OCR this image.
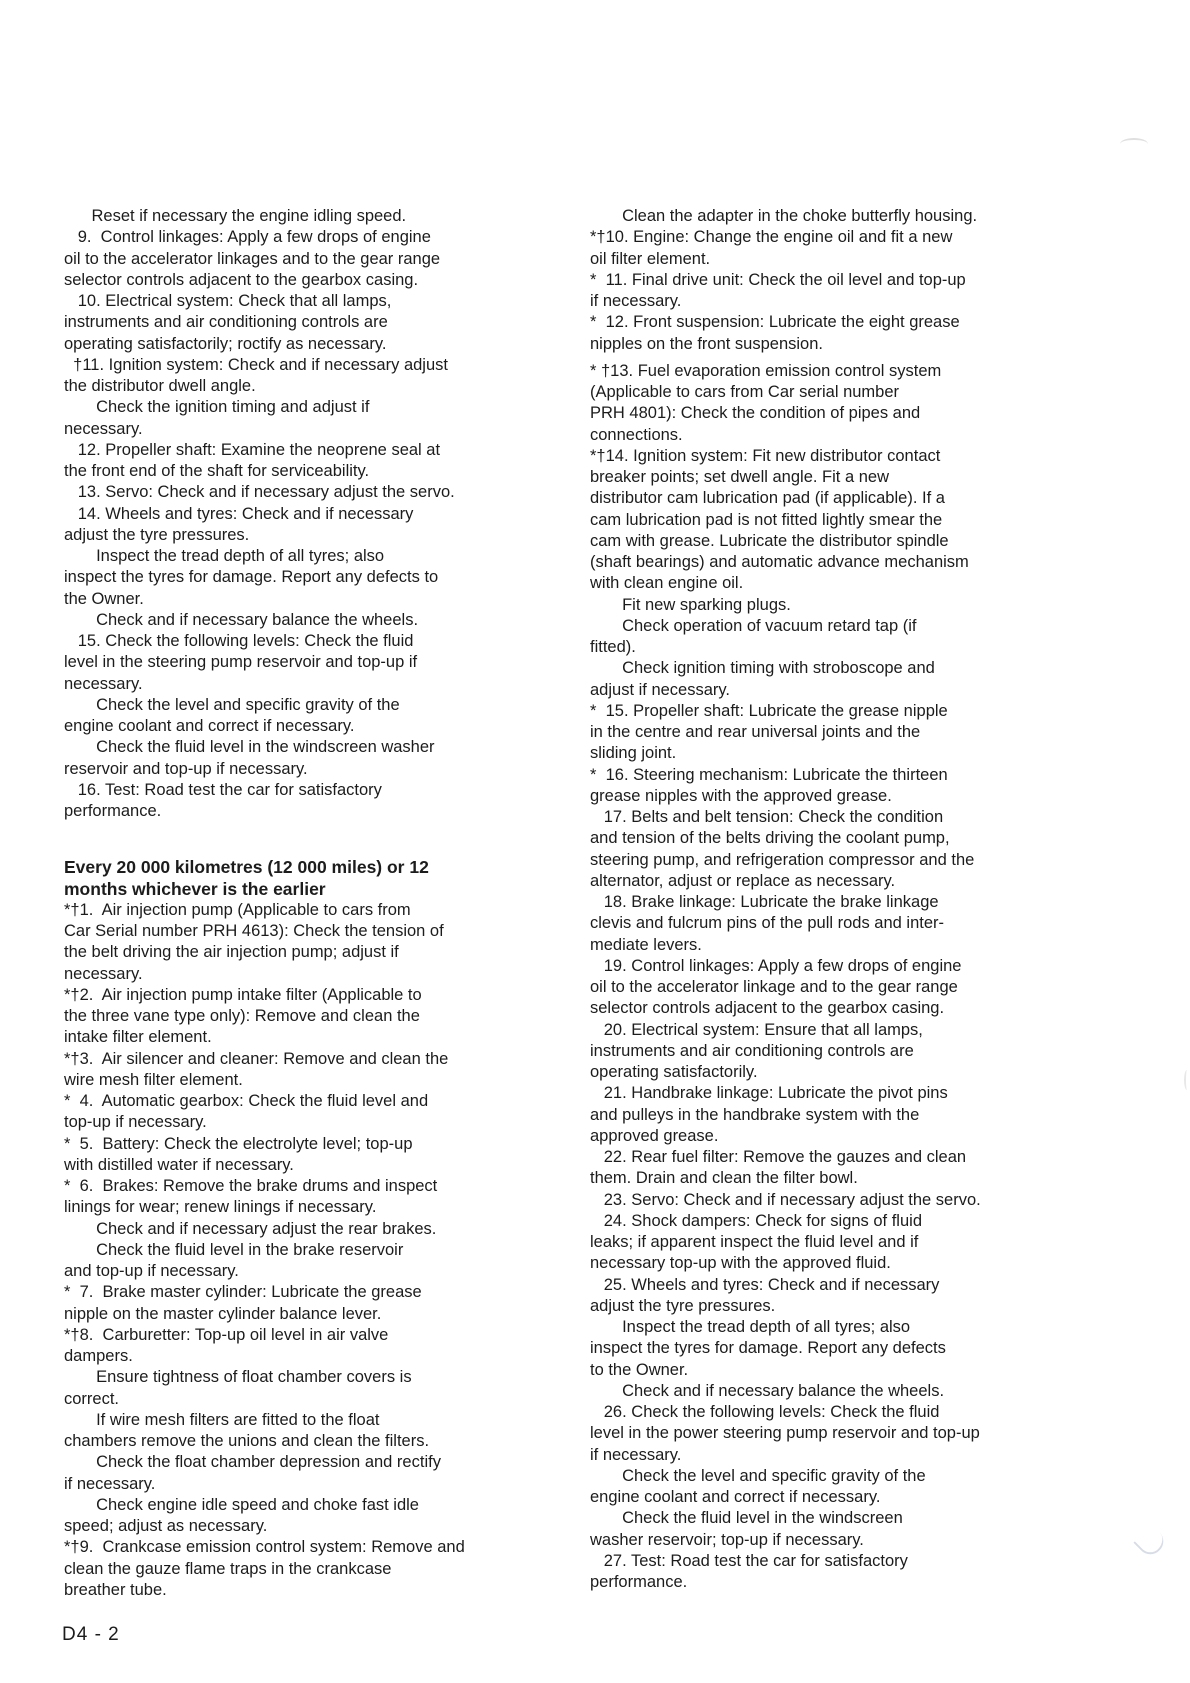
Reset if necessary the engine idling speed.
9.  Control linkages: Apply a few drops of engine
oil to the accelerator linkages and to the gear range
selector controls adjacent to the gearbox casing.
10. Electrical system: Check that all lamps,
instruments and air conditioning controls are
operating satisfactorily; roctify as necessary.
†11. Ignition system: Check and if necessary adjust
the distributor dwell angle.
Check the ignition timing and adjust if
necessary.
12. Propeller shaft: Examine the neoprene seal at
the front end of the shaft for serviceability.
13. Servo: Check and if necessary adjust the servo.
14. Wheels and tyres: Check and if necessary
adjust the tyre pressures.
Inspect the tread depth of all tyres; also
inspect the tyres for damage. Report any defects to
the Owner.
Check and if necessary balance the wheels.
15. Check the following levels: Check the fluid
level in the steering pump reservoir and top-up if
necessary.
Check the level and specific gravity of the
engine coolant and correct if necessary.
Check the fluid level in the windscreen washer
reservoir and top-up if necessary.
16. Test: Road test the car for satisfactory
performance.
Every 20 000 kilometres (12 000 miles) or 12
months whichever is the earlier
*†1.  Air injection pump (Applicable to cars from
Car Serial number PRH 4613): Check the tension of
the belt driving the air injection pump; adjust if
necessary.
*†2.  Air injection pump intake filter (Applicable to
the three vane type only): Remove and clean the
intake filter element.
*†3.  Air silencer and cleaner: Remove and clean the
wire mesh filter element.
*  4.  Automatic gearbox: Check the fluid level and
top-up if necessary.
*  5.  Battery: Check the electrolyte level; top-up
with distilled water if necessary.
*  6.  Brakes: Remove the brake drums and inspect
linings for wear; renew linings if necessary.
Check and if necessary adjust the rear brakes.
Check the fluid level in the brake reservoir
and top-up if necessary.
*  7.  Brake master cylinder: Lubricate the grease
nipple on the master cylinder balance lever.
*†8.  Carburetter: Top-up oil level in air valve
dampers.
Ensure tightness of float chamber covers is
correct.
If wire mesh filters are fitted to the float
chambers remove the unions and clean the filters.
Check the float chamber depression and rectify
if necessary.
Check engine idle speed and choke fast idle
speed; adjust as necessary.
*†9.  Crankcase emission control system: Remove and
clean the gauze flame traps in the crankcase
breather tube.
Clean the adapter in the choke butterfly housing.
*†10. Engine: Change the engine oil and fit a new
oil filter element.
*  11. Final drive unit: Check the oil level and top-up
if necessary.
*  12. Front suspension: Lubricate the eight grease
nipples on the front suspension.
* †13. Fuel evaporation emission control system
(Applicable to cars from Car serial number
PRH 4801): Check the condition of pipes and
connections.
*†14. Ignition system: Fit new distributor contact
breaker points; set dwell angle. Fit a new
distributor cam lubrication pad (if applicable). If a
cam lubrication pad is not fitted lightly smear the
cam with grease. Lubricate the distributor spindle
(shaft bearings) and automatic advance mechanism
with clean engine oil.
Fit new sparking plugs.
Check operation of vacuum retard tap (if
fitted).
Check ignition timing with stroboscope and
adjust if necessary.
*  15. Propeller shaft: Lubricate the grease nipple
in the centre and rear universal joints and the
sliding joint.
*  16. Steering mechanism: Lubricate the thirteen
grease nipples with the approved grease.
17. Belts and belt tension: Check the condition
and tension of the belts driving the coolant pump,
steering pump, and refrigeration compressor and the
alternator, adjust or replace as necessary.
18. Brake linkage: Lubricate the brake linkage
clevis and fulcrum pins of the pull rods and inter-
mediate levers.
19. Control linkages: Apply a few drops of engine
oil to the accelerator linkage and to the gear range
selector controls adjacent to the gearbox casing.
20. Electrical system: Ensure that all lamps,
instruments and air conditioning controls are
operating satisfactorily.
21. Handbrake linkage: Lubricate the pivot pins
and pulleys in the handbrake system with the
approved grease.
22. Rear fuel filter: Remove the gauzes and clean
them. Drain and clean the filter bowl.
23. Servo: Check and if necessary adjust the servo.
24. Shock dampers: Check for signs of fluid
leaks; if apparent inspect the fluid level and if
necessary top-up with the approved fluid.
25. Wheels and tyres: Check and if necessary
adjust the tyre pressures.
Inspect the tread depth of all tyres; also
inspect the tyres for damage. Report any defects
to the Owner.
Check and if necessary balance the wheels.
26. Check the following levels: Check the fluid
level in the power steering pump reservoir and top-up
if necessary.
Check the level and specific gravity of the
engine coolant and correct if necessary.
Check the fluid level in the windscreen
washer reservoir; top-up if necessary.
27. Test: Road test the car for satisfactory
performance.
D4 - 2
